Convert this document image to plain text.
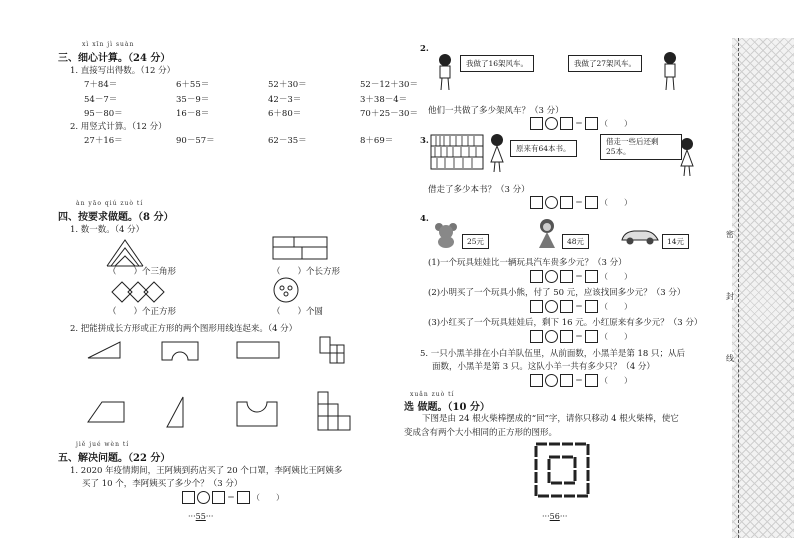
xì xīn jì suàn
三、细心计算。（24 分）
1. 直接写出得数。（12 分）
7＋84＝	6＋55＝	52＋30＝	52－12＋30＝
54－7＝	35－9＝	42－3＝	3＋38－4＝
95－80＝	16－8＝	6＋80＝	70＋25－30＝
2. 用竖式计算。（12 分）
27＋16＝	90－57＝	62－35＝	8＋69＝
àn yāo qiú zuò tí
四、按要求做题。（8 分）
1. 数一数。（4 分）
（　　）个三角形	（　　）个长方形
（　　）个正方形	（　　）个圆
2. 把能拼成长方形或正方形的两个图形用线连起来。（4 分）
jiě jué wèn tí
五、解决问题。（22 分）
1. 2020 年疫情期间，王阿姨到药店买了 20 个口罩，李阿姨比王阿姨多
买了 10 个，李阿姨买了多少个？（3 分）
＝ （　　）
···55···
2.
我做了16架风车。	我做了27架风车。
他们一共做了多少架风车？（3 分）
＝ （　　）
3.
原来有64本书。
借走一些后还剩
25本。
借走了多少本书？（3 分）
＝ （　　）
4.
25元	48元	14元
(1)一个玩具娃娃比一辆玩具汽车贵多少元？（3 分）
＝ （　　）
(2)小明买了一个玩具小熊，付了 50 元，应该找回多少元？（3 分）
＝ （　　）
(3)小红买了一个玩具娃娃后，剩下 16 元。小红原来有多少元？（3 分）
＝ （　　）
5. 一只小黑羊排在小白羊队伍里，从前面数，小黑羊是第 18 只；从后
面数，小黑羊是第 3 只。这队小羊一共有多少只？（4 分）
＝ （　　）
xuǎn zuò tí
选 做题。（10 分）
下图是由 24 根火柴棒摆成的“回”字，请你只移动 4 根火柴棒，使它
变成含有两个大小相同的正方形的图形。
···56···
密
封
线
